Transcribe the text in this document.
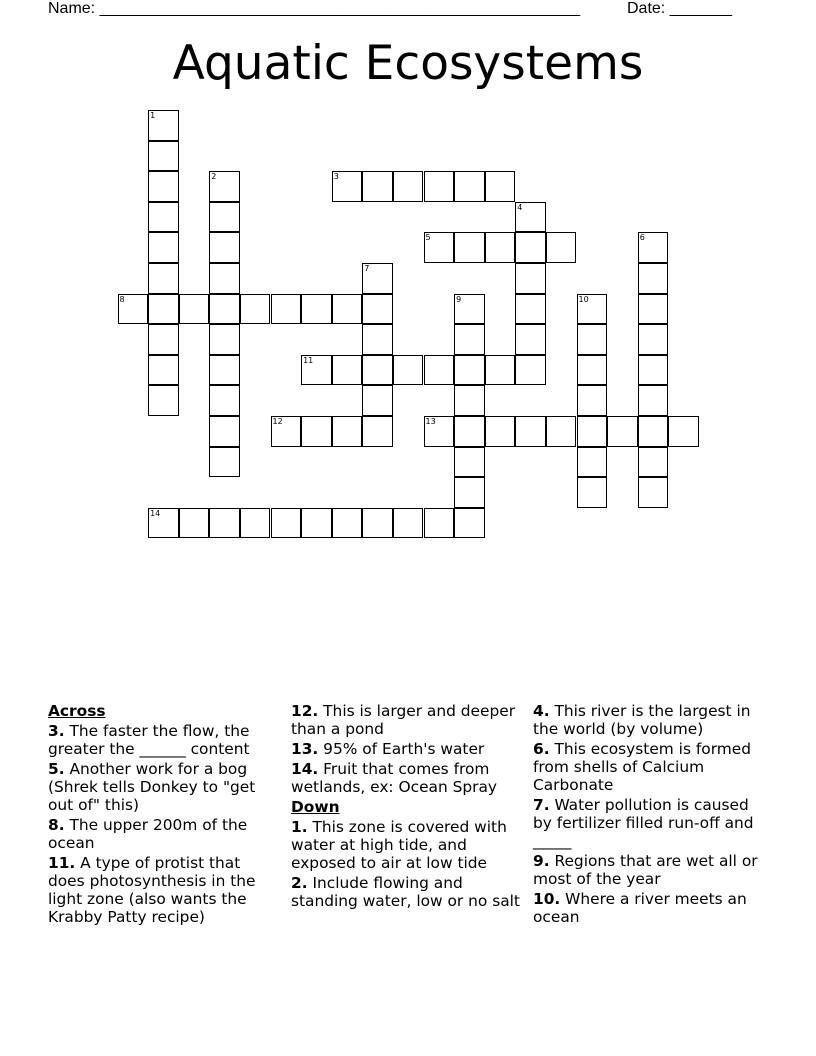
Name: ______________________________________________________	Date: _______
Aquatic Ecosystems
1
2	3
4
5	6
7
8	9	10
11
12	13
14
Across
3. The faster the flow, the greater the ______ content
5. Another work for a bog (Shrek tells Donkey to "get out of" this)
8. The upper 200m of the ocean
11. A type of protist that does photosynthesis in the light zone (also wants the Krabby Patty recipe)
12. This is larger and deeper than a pond
13. 95% of Earth's water
14. Fruit that comes from wetlands, ex: Ocean Spray
Down
1. This zone is covered with water at high tide, and exposed to air at low tide
2. Include flowing and standing water, low or no salt
4. This river is the largest in the world (by volume)
6. This ecosystem is formed from shells of Calcium Carbonate
7. Water pollution is caused by fertilizer filled run-off and _____
9. Regions that are wet all or most of the year
10. Where a river meets an ocean
